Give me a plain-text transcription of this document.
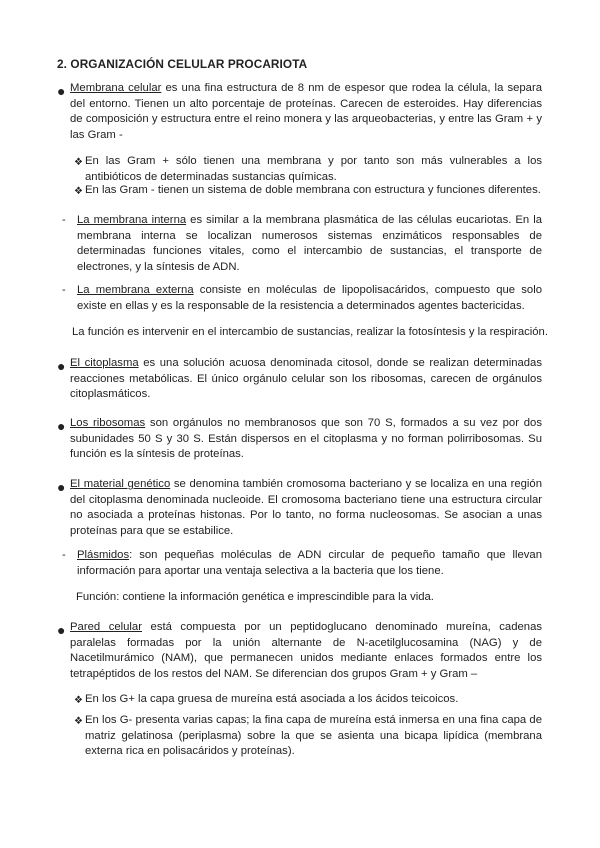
2. ORGANIZACIÓN CELULAR PROCARIOTA
● Membrana celular es una fina estructura de 8 nm de espesor que rodea la célula, la separa del entorno. Tienen un alto porcentaje de proteínas. Carecen de esteroides. Hay diferencias de composición y estructura entre el reino monera y las arqueobacterias, y entre las Gram + y las Gram -
❖ En las Gram + sólo tienen una membrana y por tanto son más vulnerables a los antibióticos de determinadas sustancias químicas.
❖ En las Gram - tienen un sistema de doble membrana con estructura y funciones diferentes.
- La membrana interna es similar a la membrana plasmática de las células eucariotas. En la membrana interna se localizan numerosos sistemas enzimáticos responsables de determinadas funciones vitales, como el intercambio de sustancias, el transporte de electrones, y la síntesis de ADN.
- La membrana externa consiste en moléculas de lipopolisacáridos, compuesto que solo existe en ellas y es la responsable de la resistencia a determinados agentes bactericidas.
La función es intervenir en el intercambio de sustancias, realizar la fotosíntesis y la respiración.
● El citoplasma es una solución acuosa denominada citosol, donde se realizan determinadas reacciones metabólicas. El único orgánulo celular son los ribosomas, carecen de orgánulos citoplasmáticos.
● Los ribosomas son orgánulos no membranosos que son 70 S, formados a su vez por dos subunidades 50 S y 30 S. Están dispersos en el citoplasma y no forman polirribosomas. Su función es la síntesis de proteínas.
● El material genético se denomina también cromosoma bacteriano y se localiza en una región del citoplasma denominada nucleoide. El cromosoma bacteriano tiene una estructura circular no asociada a proteínas histonas. Por lo tanto, no forma nucleosomas. Se asocian a unas proteínas para que se estabilice.
- Plásmidos: son pequeñas moléculas de ADN circular de pequeño tamaño que llevan información para aportar una ventaja selectiva a la bacteria que los tiene.
Función: contiene la información genética e imprescindible para la vida.
● Pared celular está compuesta por un peptidoglucano denominado mureína, cadenas paralelas formadas por la unión alternante de N-acetilglucosamina (NAG) y de Nacetilmurámico (NAM), que permanecen unidos mediante enlaces formados entre los tetrapéptidos de los restos del NAM. Se diferencian dos grupos Gram + y Gram –
❖ En los G+ la capa gruesa de mureína está asociada a los ácidos teicoicos.
❖ En los G- presenta varias capas; la fina capa de mureína está inmersa en una fina capa de matriz gelatinosa (periplasma) sobre la que se asienta una bicapa lipídica (membrana externa rica en polisacáridos y proteínas).
